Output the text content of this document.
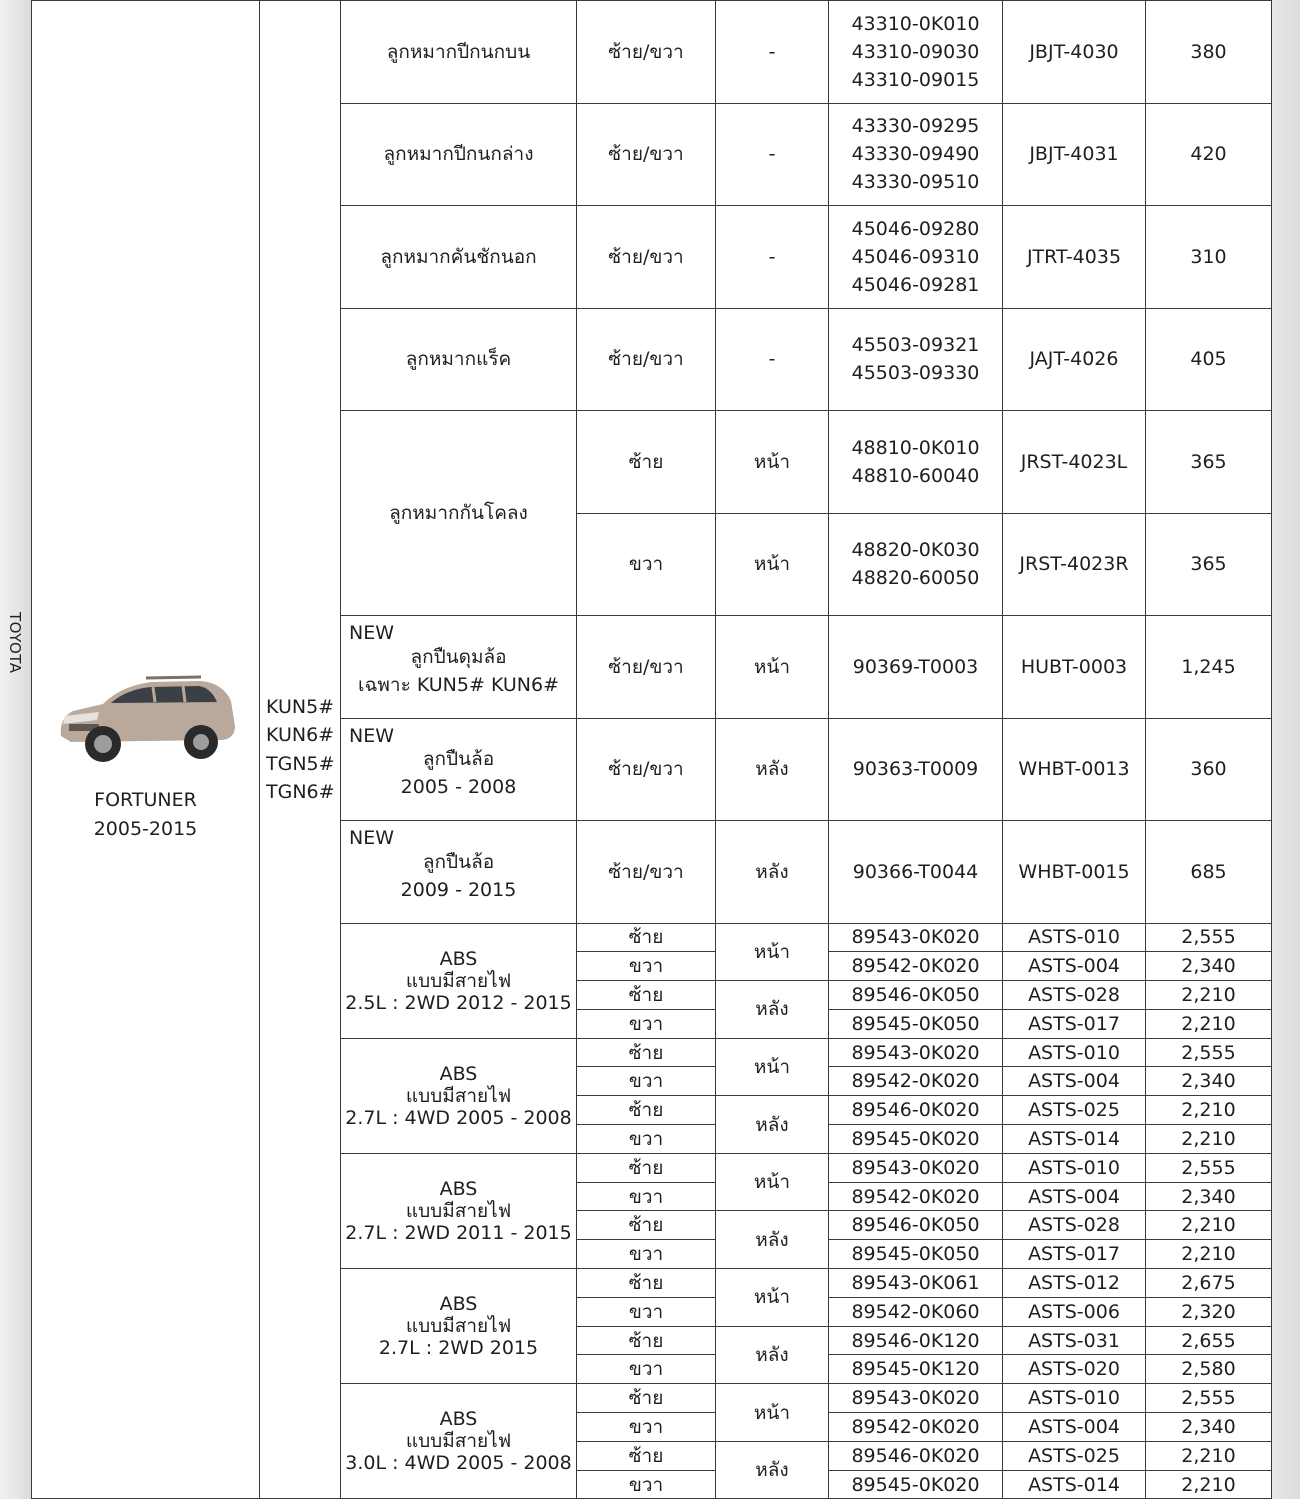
TOYOTA
FORTUNER
2005-2015	KUN5#
KUN6#
TGN5#
TGN6#	ลูกหมากปีกนกบน	ซ้าย/ขวา	-	43310-0K010
43310-09030
43310-09015	JBJT-4030	380

		ลูกหมากปีกนกล่าง	ซ้าย/ขวา	-	43330-09295
43330-09490
43330-09510	JBJT-4031	420

		ลูกหมากคันชักนอก	ซ้าย/ขวา	-	45046-09280
45046-09310
45046-09281	JTRT-4035	310

		ลูกหมากแร็ค	ซ้าย/ขวา	-	45503-09321
45503-09330	JAJT-4026	405
		ลูกหมากกันโคลง	ซ้าย	หน้า	48810-0K010
48810-60040	JRST-4023L	365
			ขวา	หน้า	48820-0K030
48820-60050	JRST-4023R	365

		NEW
ลูกปืนดุมล้อ
เฉพาะ KUN5# KUN6#	ซ้าย/ขวา	หน้า	90369-T0003	HUBT-0003	1,245

		NEW
ลูกปืนล้อ
2005 - 2008	ซ้าย/ขวา	หลัง	90363-T0009	WHBT-0013	360

		NEW
ลูกปืนล้อ
2009 - 2015	ซ้าย/ขวา	หลัง	90366-T0044	WHBT-0015	685

		ABS
แบบมีสายไฟ
2.5L : 2WD 2012 - 2015	ซ้าย	หน้า	89543-0K020	ASTS-010	2,555
			ขวา		89542-0K020	ASTS-004	2,340
			ซ้าย	หลัง	89546-0K050	ASTS-028	2,210
			ขวา		89545-0K050	ASTS-017	2,210

		ABS
แบบมีสายไฟ
2.7L : 4WD 2005 - 2008	ซ้าย	หน้า	89543-0K020	ASTS-010	2,555
			ขวา		89542-0K020	ASTS-004	2,340
			ซ้าย	หลัง	89546-0K020	ASTS-025	2,210
			ขวา		89545-0K020	ASTS-014	2,210

		ABS
แบบมีสายไฟ
2.7L : 2WD 2011 - 2015	ซ้าย	หน้า	89543-0K020	ASTS-010	2,555
			ขวา		89542-0K020	ASTS-004	2,340
			ซ้าย	หลัง	89546-0K050	ASTS-028	2,210
			ขวา		89545-0K050	ASTS-017	2,210

		ABS
แบบมีสายไฟ
2.7L : 2WD 2015	ซ้าย	หน้า	89543-0K061	ASTS-012	2,675
			ขวา		89542-0K060	ASTS-006	2,320
			ซ้าย	หลัง	89546-0K120	ASTS-031	2,655
			ขวา		89545-0K120	ASTS-020	2,580

		ABS
แบบมีสายไฟ
3.0L : 4WD 2005 - 2008	ซ้าย	หน้า	89543-0K020	ASTS-010	2,555
			ขวา		89542-0K020	ASTS-004	2,340
			ซ้าย	หลัง	89546-0K020	ASTS-025	2,210
			ขวา		89545-0K020	ASTS-014	2,210
